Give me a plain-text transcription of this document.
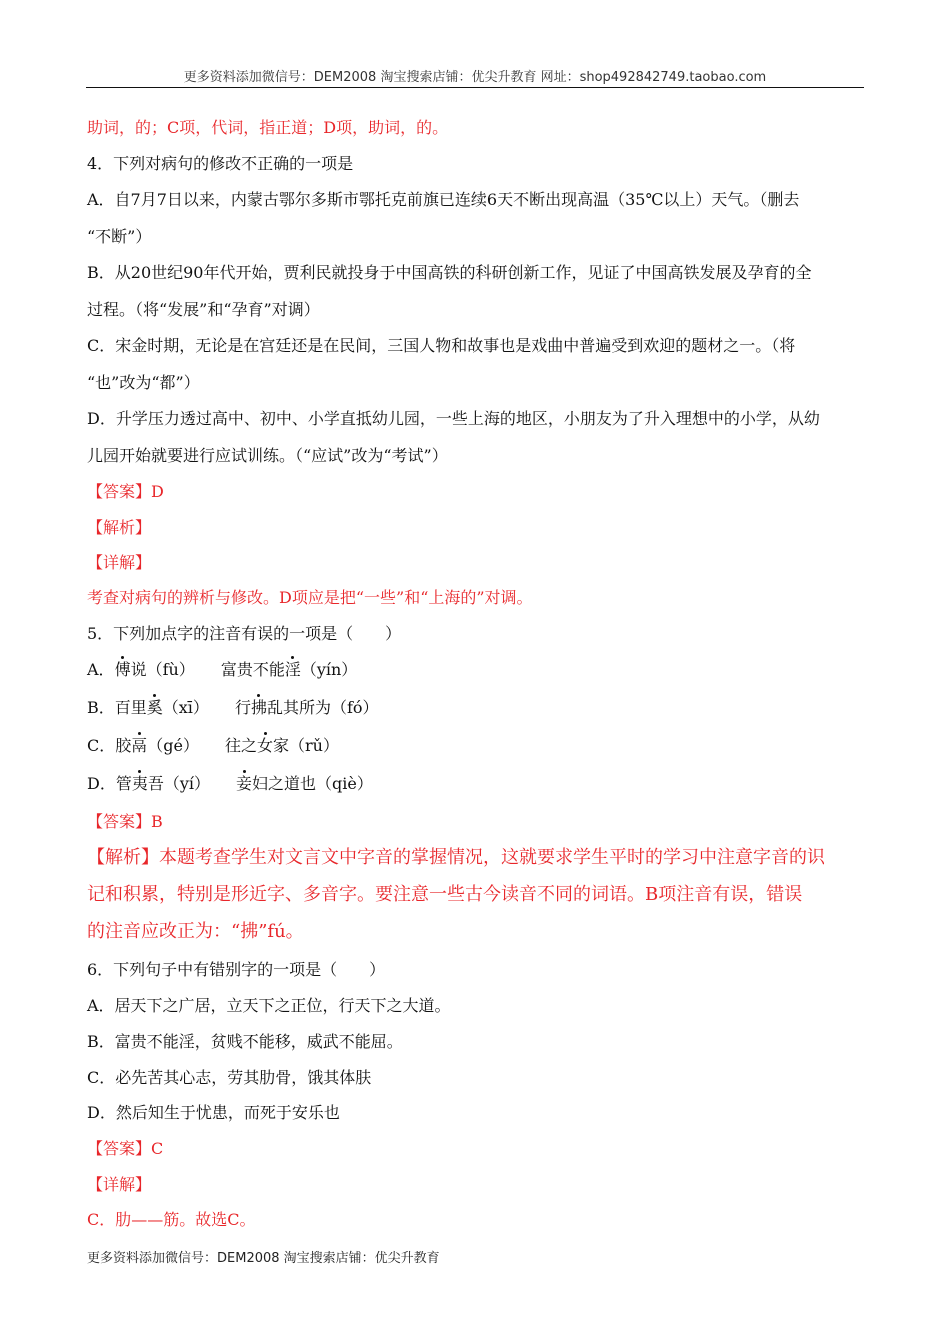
更多资料添加微信号：DEM2008 淘宝搜索店铺：优尖升教育 网址：shop492842749.taobao.com
助词，的；C项，代词，指正道；D项，助词，的。
4．下列对病句的修改不正确的一项是
A．自7月7日以来，内蒙古鄂尔多斯市鄂托克前旗已连续6天不断出现高温（35℃以上）天气。（删去
“不断”）
B．从20世纪90年代开始，贾利民就投身于中国高铁的科研创新工作，见证了中国高铁发展及孕育的全
过程。（将“发展”和“孕育”对调）
C．宋金时期，无论是在宫廷还是在民间，三国人物和故事也是戏曲中普遍受到欢迎的题材之一。（将
“也”改为“都”）
D．升学压力透过高中、初中、小学直抵幼儿园，一些上海的地区，小朋友为了升入理想中的小学，从幼
儿园开始就要进行应试训练。（“应试”改为“考试”）
【答案】D
【解析】
【详解】
考查对病句的辨析与修改。D项应是把“一些”和“上海的”对调。
5．下列加点字的注音有误的一项是（　　）
A．傅说（fù） 富贵不能淫（yín）
B．百里奚（xī） 行拂乱其所为（fó）
C．胶鬲（gé） 往之女家（rǔ）
D．管夷吾（yí） 妾妇之道也（qiè）
【答案】B
【解析】本题考查学生对文言文中字音的掌握情况，这就要求学生平时的学习中注意字音的识
记和积累，特别是形近字、多音字。要注意一些古今读音不同的词语。B项注音有误，错误
的注音应改正为：“拂”fú。
6．下列句子中有错别字的一项是（　　）
A．居天下之广居，立天下之正位，行天下之大道。
B．富贵不能淫，贫贱不能移，威武不能屈。
C．必先苦其心志，劳其肋骨，饿其体肤
D．然后知生于忧患，而死于安乐也
【答案】C
【详解】
C．肋——筋。故选C。
更多资料添加微信号：DEM2008 淘宝搜索店铺：优尖升教育
